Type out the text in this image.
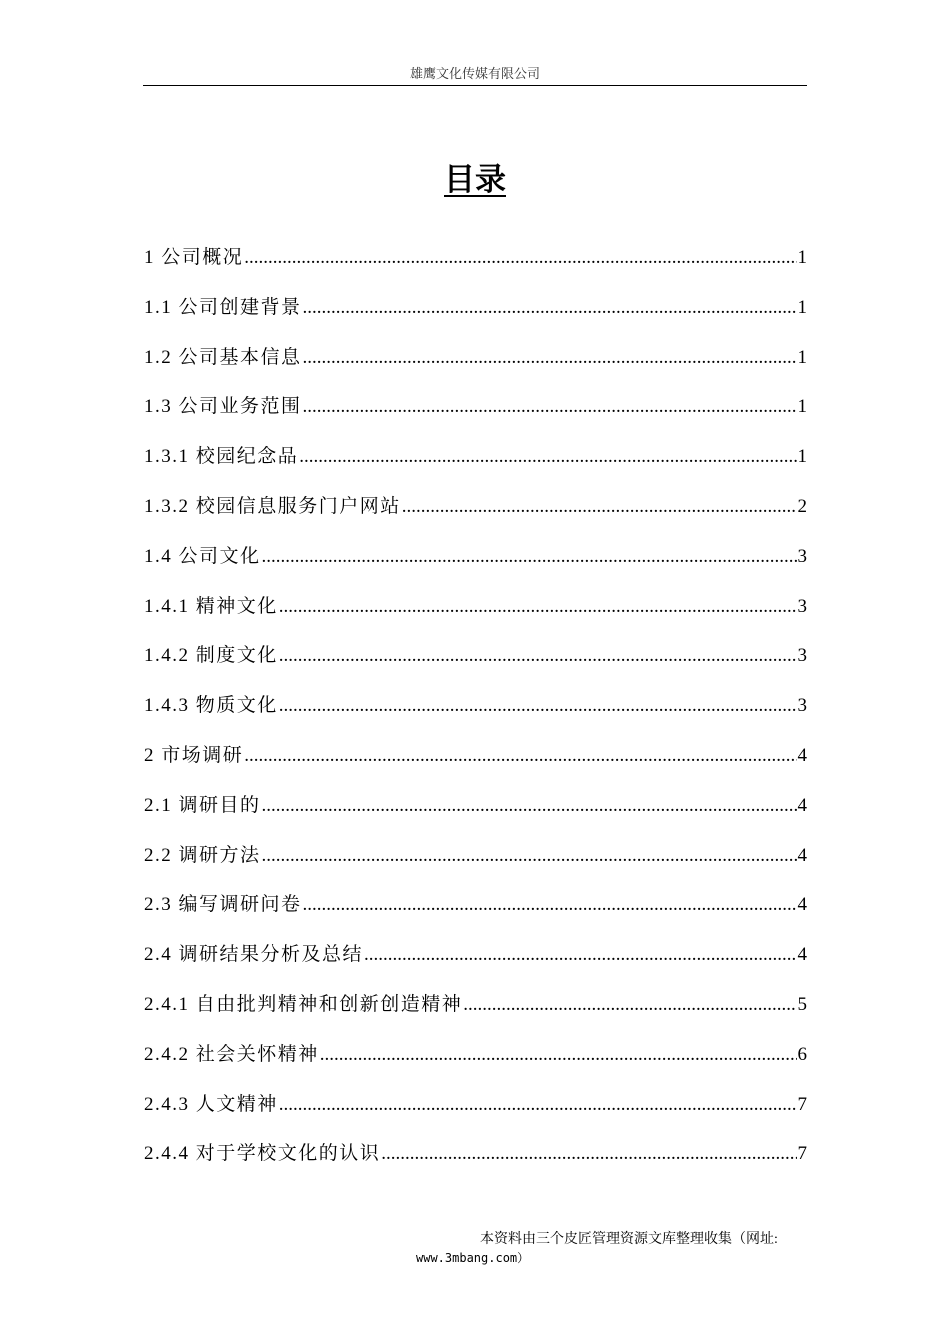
雄鹰文化传媒有限公司
目录
1 公司概况 .....	1
1.1 公司创建背景 .....	1
1.2 公司基本信息 .....	1
1.3 公司业务范围 .....	1
1.3.1 校园纪念品 .....	1
1.3.2 校园信息服务门户网站 .....	2
1.4 公司文化 .....	3
1.4.1 精神文化 .....	3
1.4.2 制度文化 .....	3
1.4.3 物质文化 .....	3
2 市场调研 .....	4
2.1 调研目的 .....	4
2.2 调研方法 .....	4
2.3 编写调研问卷 .....	4
2.4 调研结果分析及总结 .....	4
2.4.1 自由批判精神和创新创造精神 .....	5
2.4.2 社会关怀精神 .....	6
2.4.3 人文精神 .....	7
2.4.4 对于学校文化的认识 .....	7
本资料由三个皮匠管理资源文库整理收集（网址:
www.3mbang.com）
